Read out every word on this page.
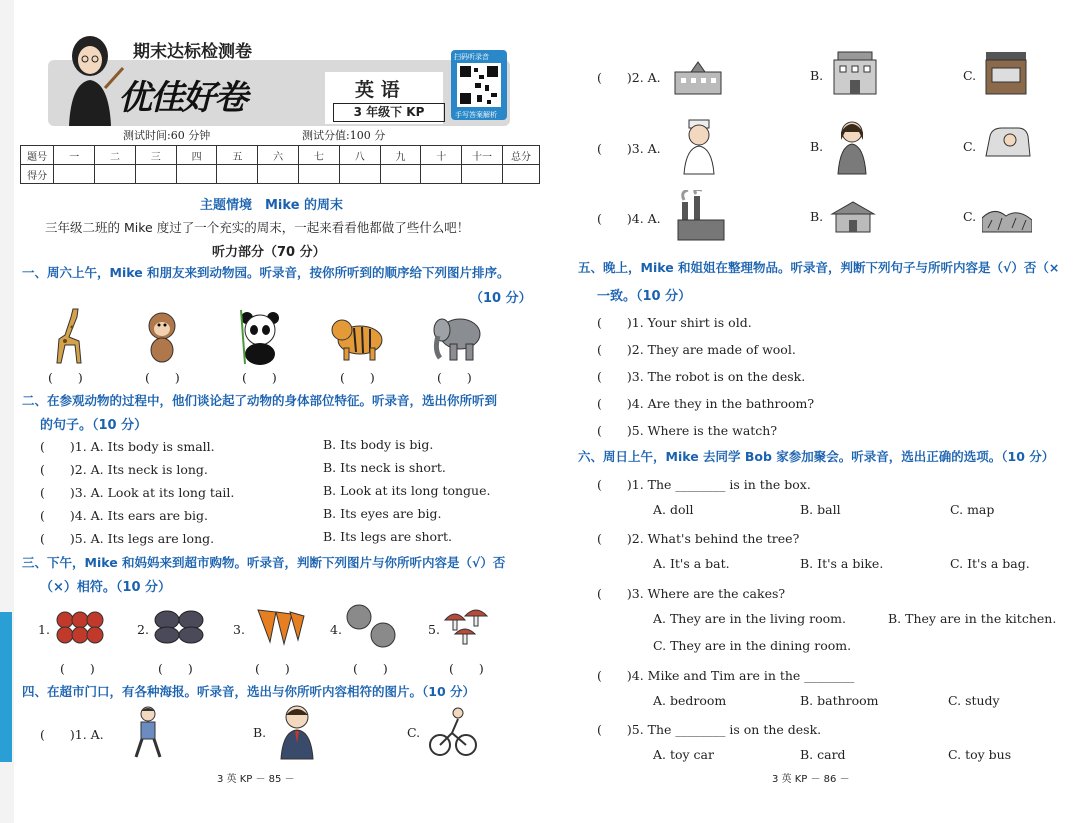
期末达标检测卷
优佳好卷	英 语
3 年级下 KP
扫码听录音
手写答案解析
测试时间:60 分钟	测试分值:100 分
题号	一	二	三	四	五	六	七	八	九	十	十一	总分
得分												
主题情境　Mike 的周末
三年级二班的 Mike 度过了一个充实的周末，一起来看看他都做了些什么吧！
听力部分（70 分）
一、周六上午，Mike 和朋友来到动物园。听录音，按你所听到的顺序给下列图片排序。
（10 分）
(　　)	(　　)	(　　)	(　　)	(　　)
二、在参观动物的过程中，他们谈论起了动物的身体部位特征。听录音，选出你所听到
的句子。（10 分）
(　　)1. A. Its body is small.	B. Its body is big.
(　　)2. A. Its neck is long.	B. Its neck is short.
(　　)3. A. Look at its long tail.	B. Look at its long tongue.
(　　)4. A. Its ears are big.	B. Its eyes are big.
(　　)5. A. Its legs are long.	B. Its legs are short.
三、下午，Mike 和妈妈来到超市购物。听录音，判断下列图片与你所听内容是（√）否
（×）相符。（10 分）
1.	2.	3.	4.	5.
(　　)	(　　)	(　　)	(　　)	(　　)
四、在超市门口，有各种海报。听录音，选出与你所听内容相符的图片。（10 分）
(　　)1. A.	B.	C.
3 英 KP － 85 －
(　　)2. A.	B.	C.
(　　)3. A.	B.	C.
(　　)4. A.	B.	C.
五、晚上，Mike 和姐姐在整理物品。听录音，判断下列句子与所听内容是（√）否（×
一致。（10 分）
(　　)1. Your shirt is old.
(　　)2. They are made of wool.
(　　)3. The robot is on the desk.
(　　)4. Are they in the bathroom?
(　　)5. Where is the watch?
六、周日上午，Mike 去同学 Bob 家参加聚会。听录音，选出正确的选项。（10 分）
(　　)1. The ________ is in the box.
A. doll	B. ball	C. map
(　　)2. What's behind the tree?
A. It's a bat.	B. It's a bike.	C. It's a bag.
(　　)3. Where are the cakes?
A. They are in the living room.	B. They are in the kitchen.
C. They are in the dining room.
(　　)4. Mike and Tim are in the ________
A. bedroom	B. bathroom	C. study
(　　)5. The ________ is on the desk.
A. toy car	B. card	C. toy bus
3 英 KP － 86 －
